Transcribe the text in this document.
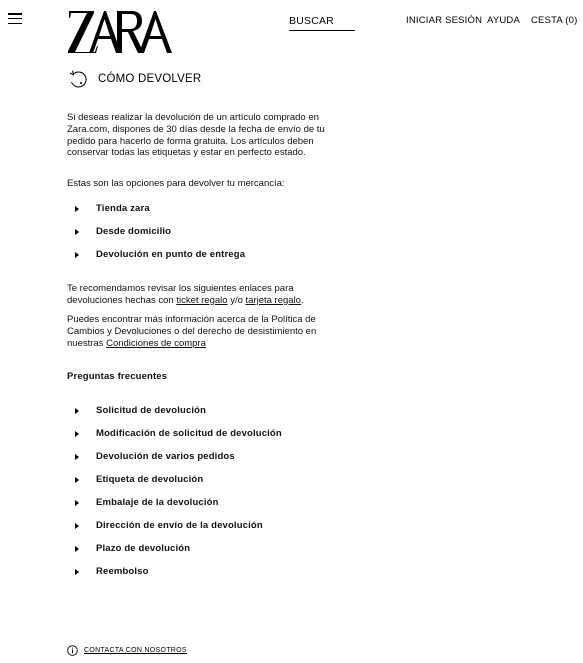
BUSCAR	INICIAR SESIÓN AYUDA CESTA (0)
CÓMO DEVOLVER
Si deseas realizar la devolución de un artículo comprado en Zara.com, dispones de 30 días desde la fecha de envío de tu pedido para hacerlo de forma gratuita. Los artículos deben conservar todas las etiquetas y estar en perfecto estado.
Estas son las opciones para devolver tu mercancía:
Tienda zara
Desde domicilio
Devolución en punto de entrega
Te recomendamos revisar los siguientes enlaces para devoluciones hechas con ticket regalo y/o tarjeta regalo.
Puedes encontrar más información acerca de la Política de Cambios y Devoluciones o del derecho de desistimiento en nuestras Condiciones de compra
Preguntas frecuentes
Solicitud de devolución
Modificación de solicitud de devolución
Devolución de varios pedidos
Etiqueta de devolución
Embalaje de la devolución
Dirección de envío de la devolución
Plazo de devolución
Reembolso
CONTACTA CON NOSOTROS
